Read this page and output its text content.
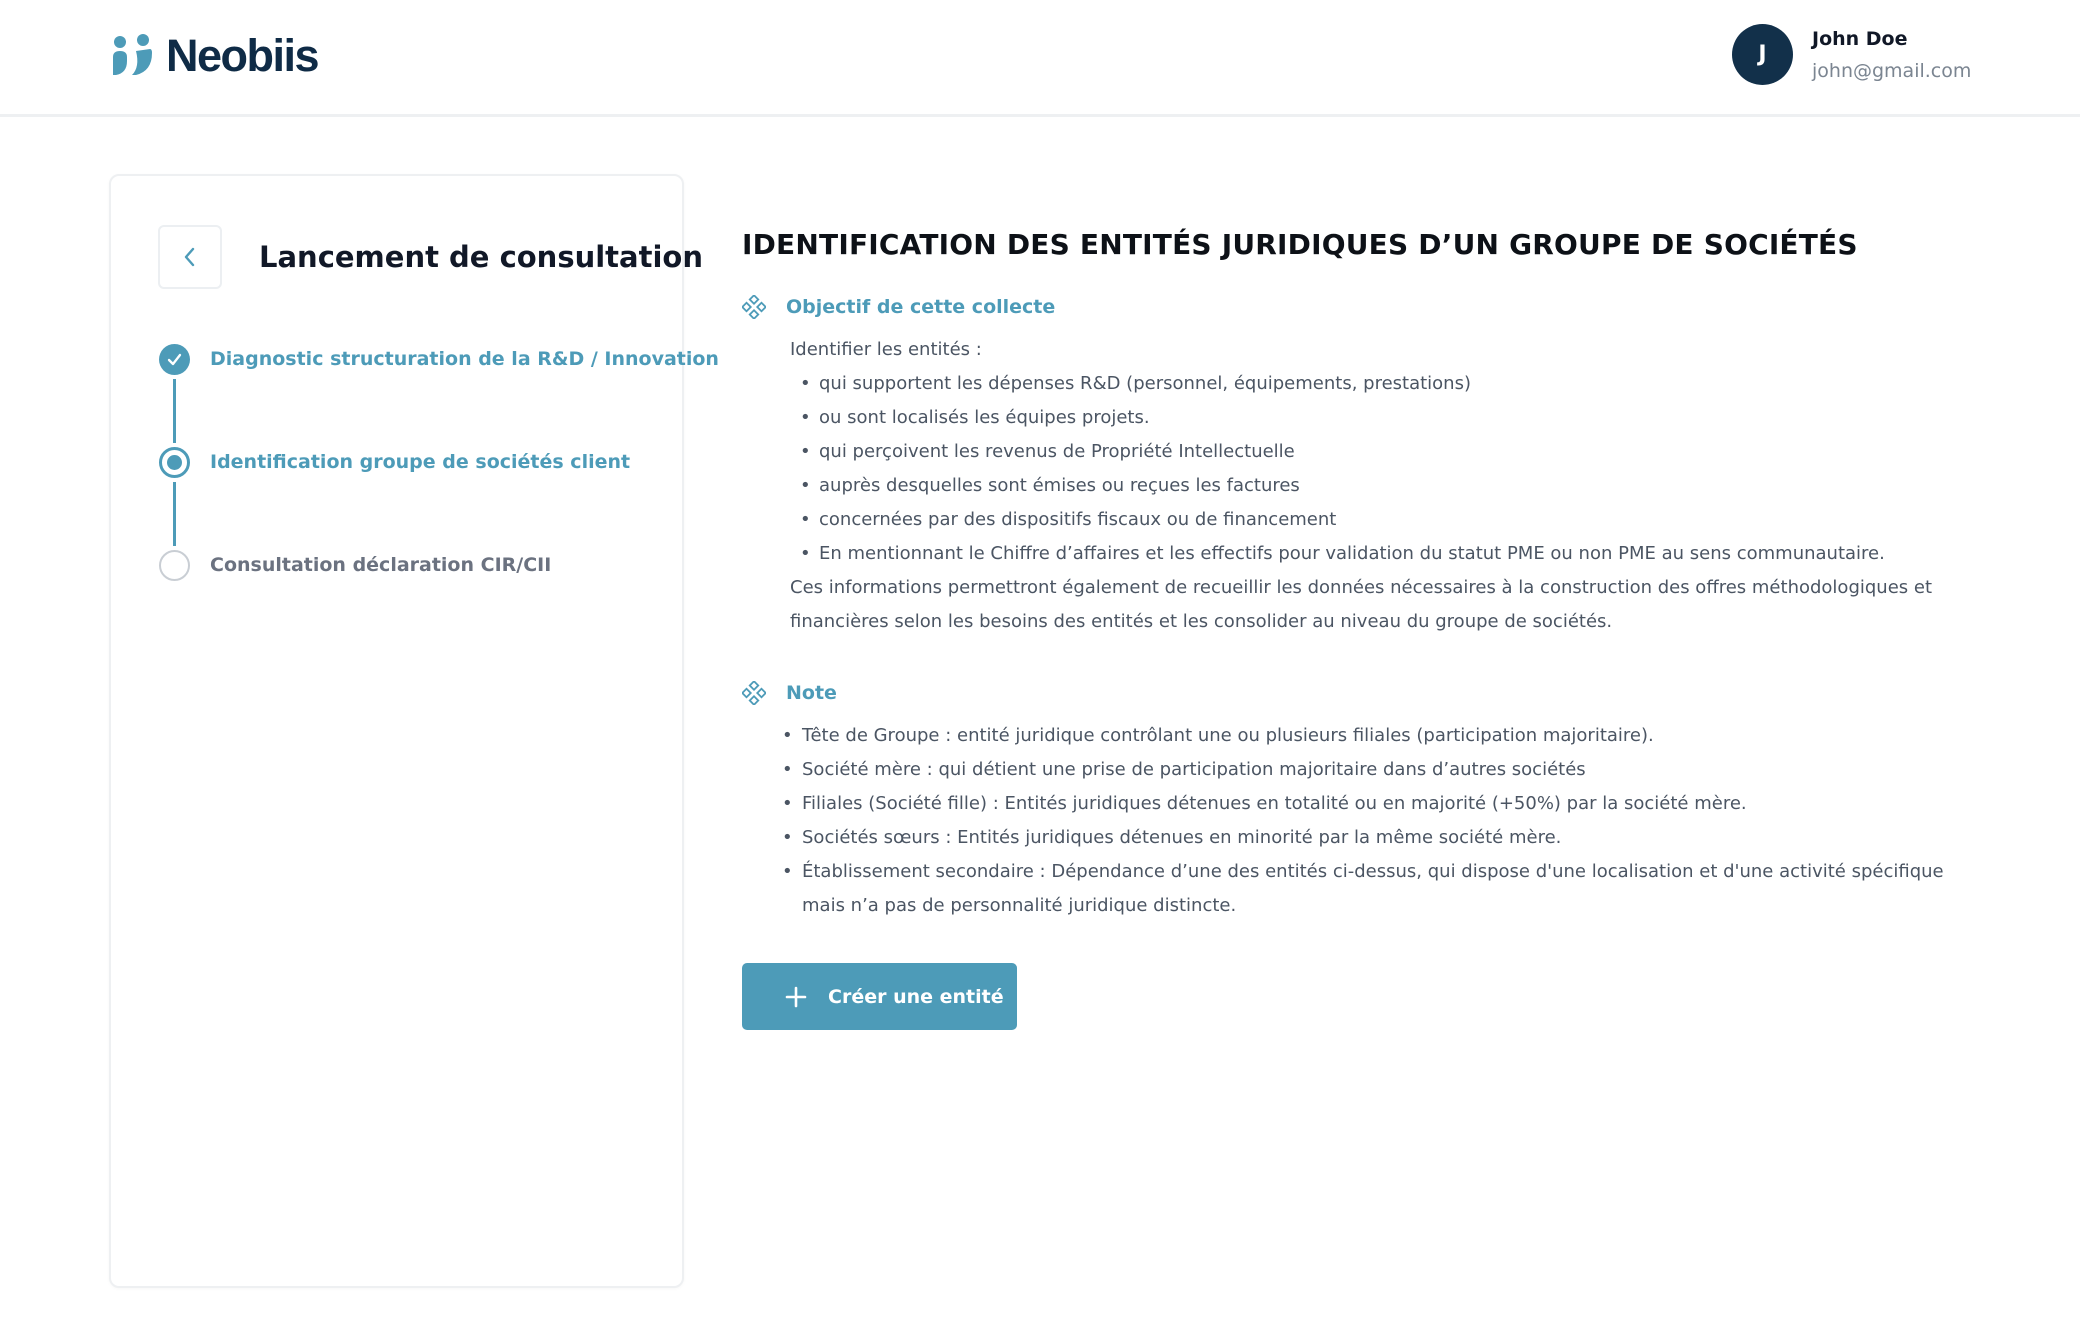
Neobiis	J
John Doe
john@gmail.com
Lancement de consultation
Diagnostic structuration de la R&D / Innovation
Identification groupe de sociétés client
Consultation déclaration CIR/CII
IDENTIFICATION DES ENTITÉS JURIDIQUES D’UN GROUPE DE SOCIÉTÉS
Objectif de cette collecte
Identifier les entités :
• qui supportent les dépenses R&D (personnel, équipements, prestations)
• ou sont localisés les équipes projets.
• qui perçoivent les revenus de Propriété Intellectuelle
• auprès desquelles sont émises ou reçues les factures
• concernées par des dispositifs fiscaux ou de financement
• En mentionnant le Chiffre d’affaires et les effectifs pour validation du statut PME ou non PME au sens communautaire.

Ces informations permettront également de recueillir les données nécessaires à la construction des offres méthodologiques et financières selon les besoins des entités et les consolider au niveau du groupe de sociétés.

Note
• Tête de Groupe : entité juridique contrôlant une ou plusieurs filiales (participation majoritaire).
• Société mère : qui détient une prise de participation majoritaire dans d’autres sociétés
• Filiales (Société fille) : Entités juridiques détenues en totalité ou en majorité (+50%) par la société mère.
• Sociétés sœurs : Entités juridiques détenues en minorité par la même société mère.
• Établissement secondaire : Dépendance d’une des entités ci-dessus, qui dispose d'une localisation et d'une activité spécifique mais n’a pas de personnalité juridique distincte.
Créer une entité
